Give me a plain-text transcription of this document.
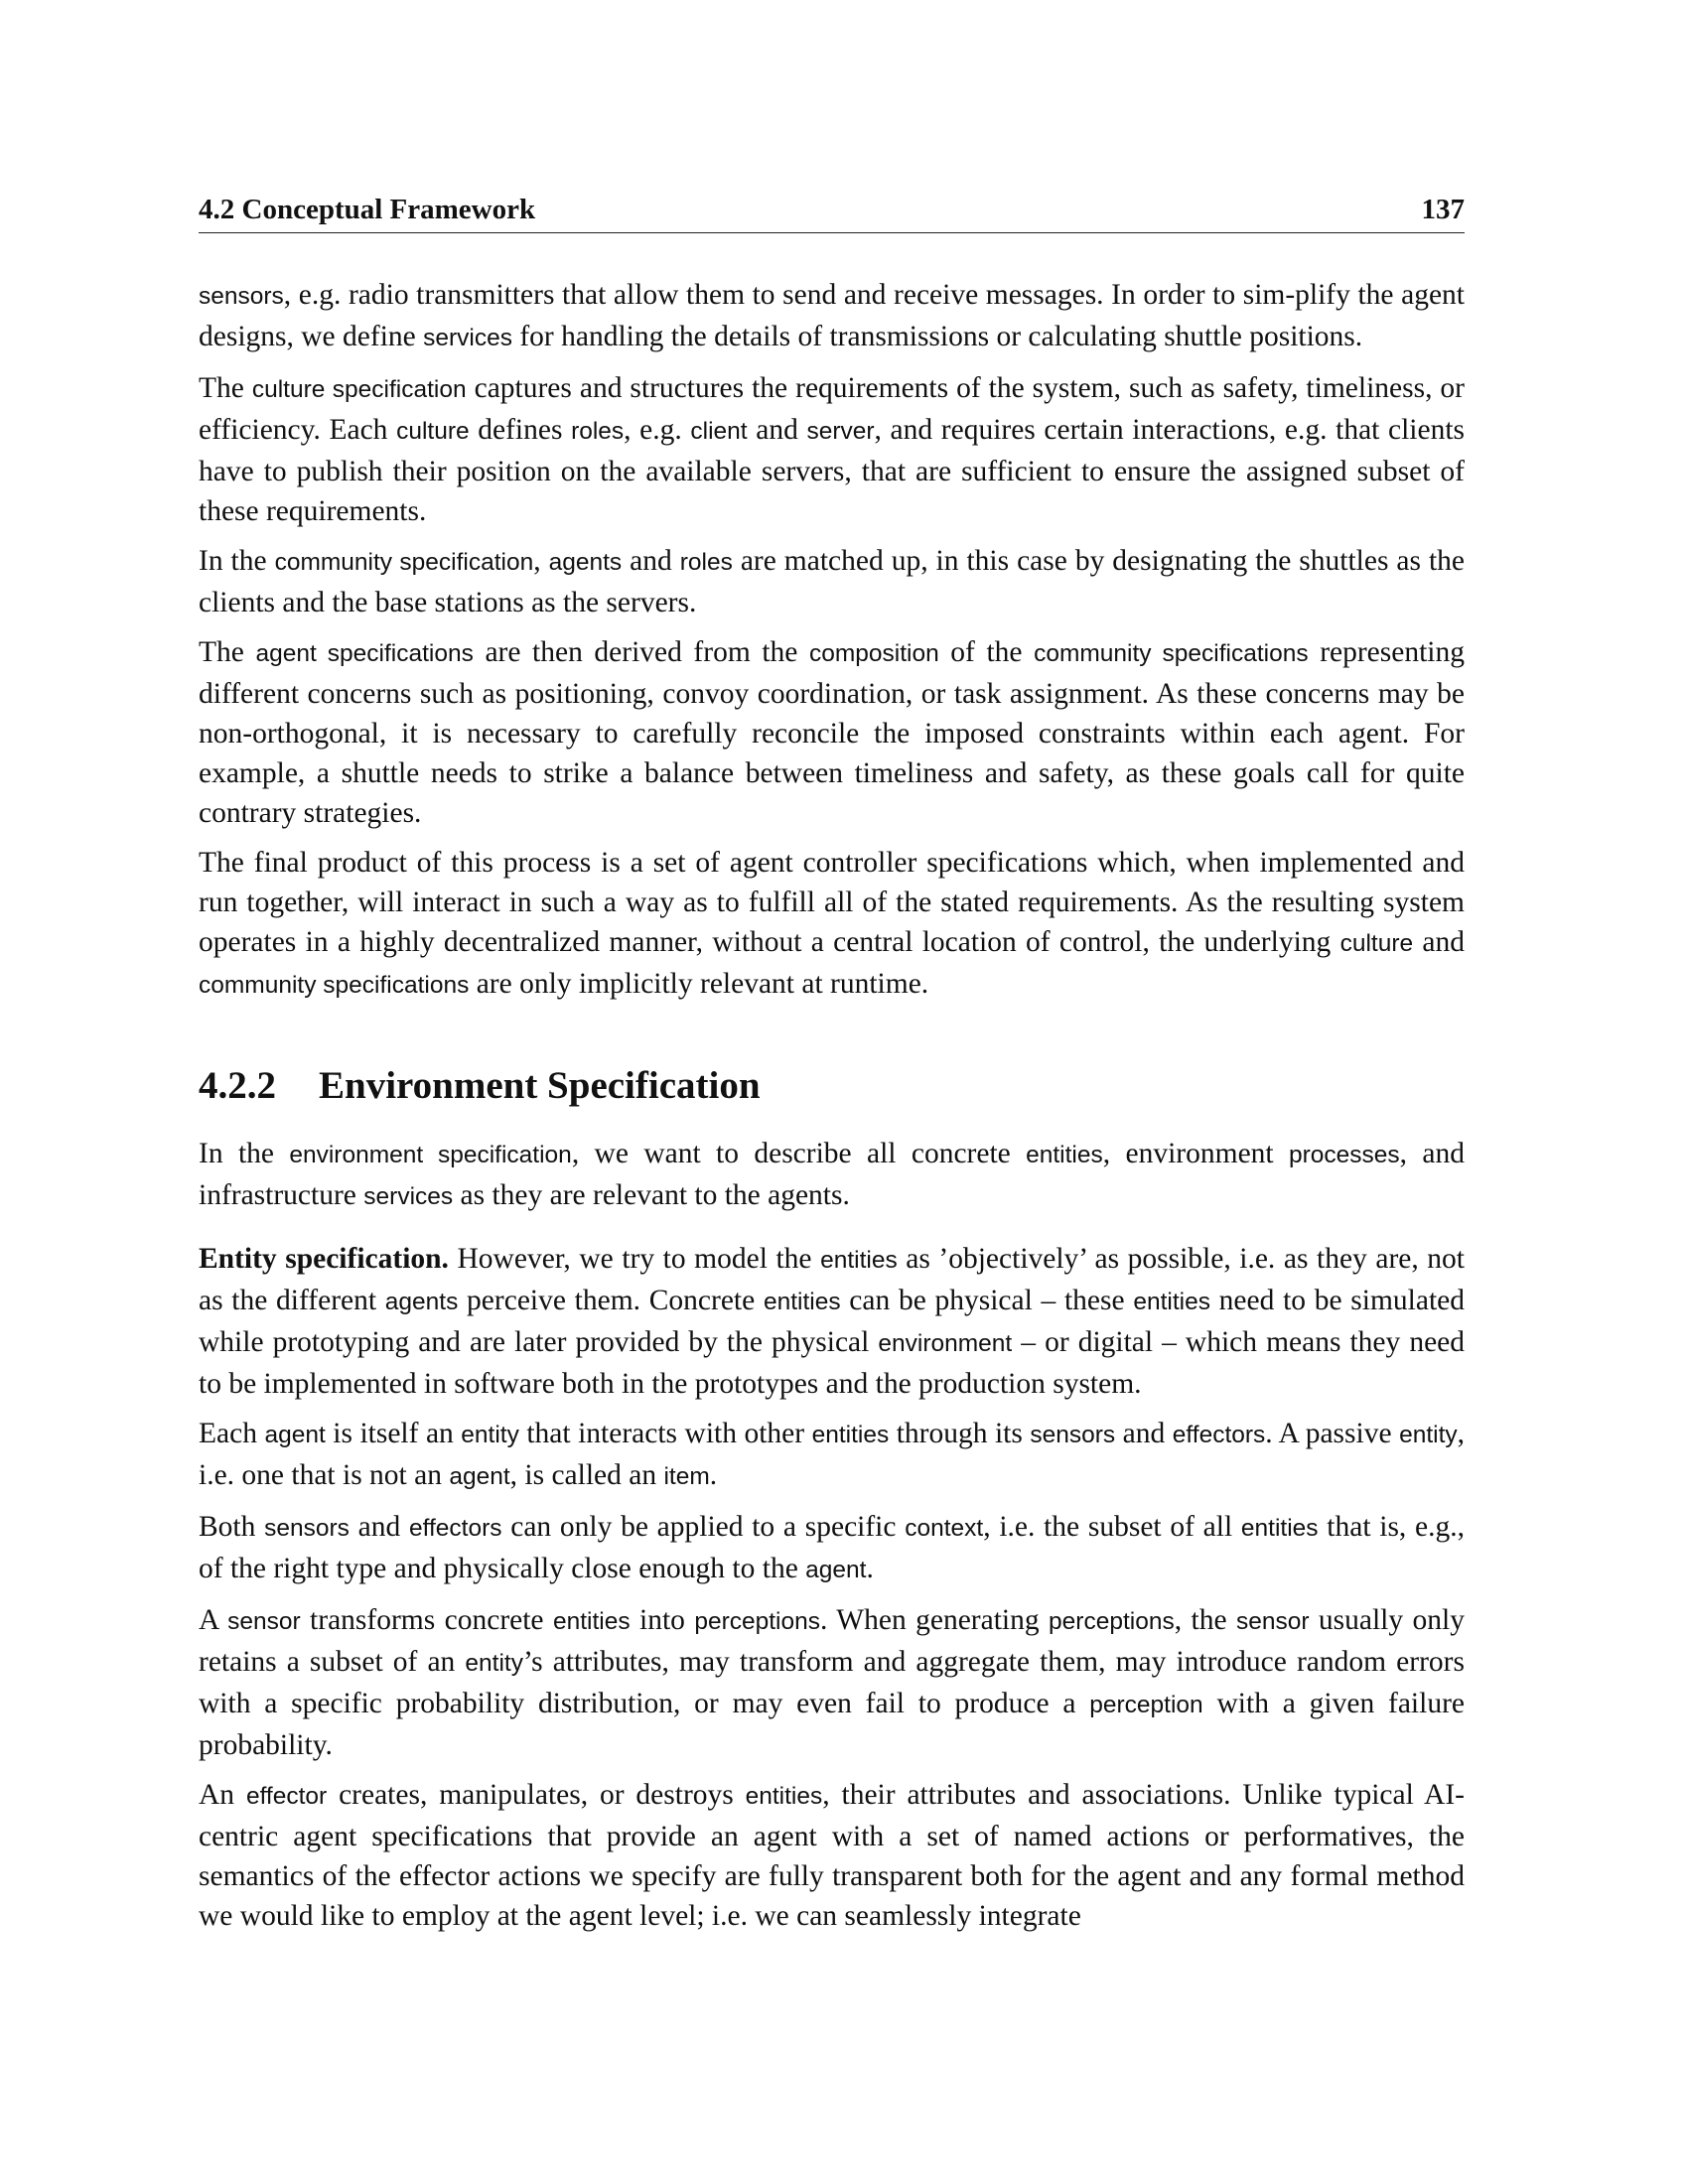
4.2 Conceptual Framework	137

sensors, e.g. radio transmitters that allow them to send and receive messages. In order to sim-plify the agent designs, we define services for handling the details of transmissions or calculating shuttle positions.

The culture specification captures and structures the requirements of the system, such as safety, timeliness, or efficiency. Each culture defines roles, e.g. client and server, and requires certain interactions, e.g. that clients have to publish their position on the available servers, that are sufficient to ensure the assigned subset of these requirements.

In the community specification, agents and roles are matched up, in this case by designating the shuttles as the clients and the base stations as the servers.

The agent specifications are then derived from the composition of the community specifications representing different concerns such as positioning, convoy coordination, or task assignment. As these concerns may be non-orthogonal, it is necessary to carefully reconcile the imposed constraints within each agent. For example, a shuttle needs to strike a balance between timeliness and safety, as these goals call for quite contrary strategies.

The final product of this process is a set of agent controller specifications which, when implemented and run together, will interact in such a way as to fulfill all of the stated requirements. As the resulting system operates in a highly decentralized manner, without a central location of control, the underlying culture and community specifications are only implicitly relevant at runtime.

4.2.2	Environment Specification

In the environment specification, we want to describe all concrete entities, environment processes, and infrastructure services as they are relevant to the agents.

Entity specification. However, we try to model the entities as ’objectively’ as possible, i.e. as they are, not as the different agents perceive them. Concrete entities can be physical – these entities need to be simulated while prototyping and are later provided by the physical environment – or digital – which means they need to be implemented in software both in the prototypes and the production system.

Each agent is itself an entity that interacts with other entities through its sensors and effectors. A passive entity, i.e. one that is not an agent, is called an item.

Both sensors and effectors can only be applied to a specific context, i.e. the subset of all entities that is, e.g., of the right type and physically close enough to the agent.

A sensor transforms concrete entities into perceptions. When generating perceptions, the sensor usually only retains a subset of an entity’s attributes, may transform and aggregate them, may introduce random errors with a specific probability distribution, or may even fail to produce a perception with a given failure probability.

An effector creates, manipulates, or destroys entities, their attributes and associations. Unlike typical AI-centric agent specifications that provide an agent with a set of named actions or performatives, the semantics of the effector actions we specify are fully transparent both for the agent and any formal method we would like to employ at the agent level; i.e. we can seamlessly integrate
